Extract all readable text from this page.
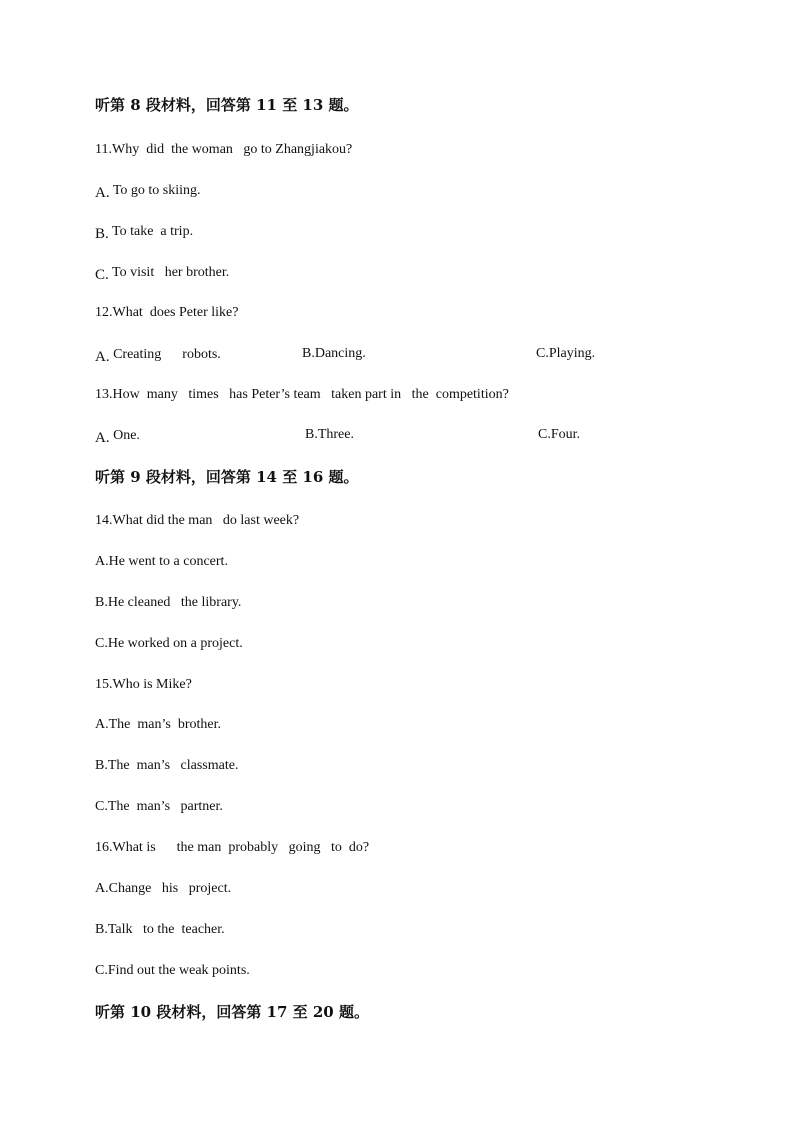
听第 8 段材料，回答第 11 至 13 题。
11.Why  did  the woman   go to Zhangjiakou?
A. To go to skiing.
B. To take  a trip.
C. To visit   her brother.
12.What  does Peter like?
A. Creating      robots.	B.Dancing.	C.Playing.
13.How  many   times   has Peter’s team   taken part in   the  competition?
A. One.	B.Three.	C.Four.
听第 9 段材料，回答第 14 至 16 题。
14.What did the man   do last week?
A.He went to a concert.
B.He cleaned   the library.
C.He worked on a project.
15.Who is Mike?
A.The  man’s  brother.
B.The  man’s   classmate.
C.The  man’s   partner.
16.What is      the man  probably   going   to  do?
A.Change   his   project.
B.Talk   to the  teacher.
C.Find out the weak points.
听第 10 段材料，回答第 17 至 20 题。
